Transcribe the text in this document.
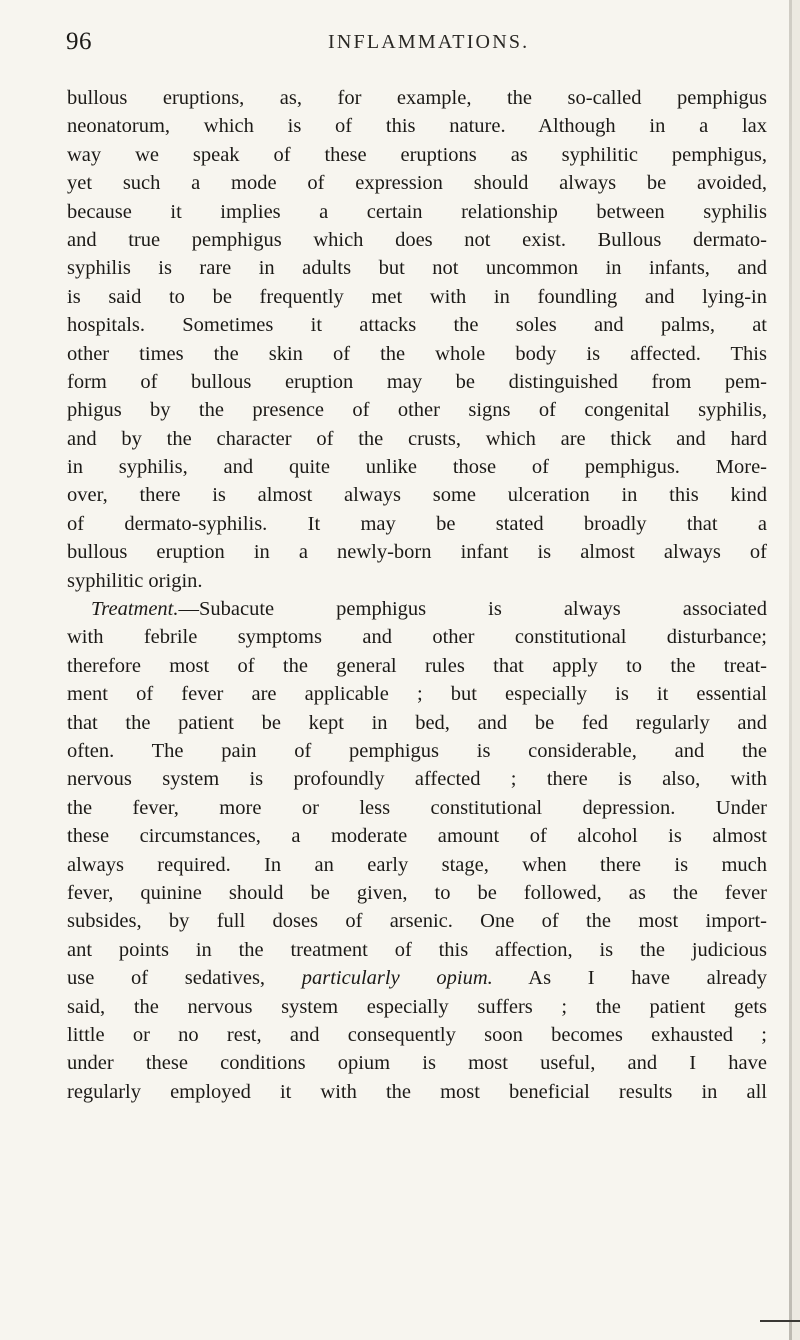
96	INFLAMMATIONS.
bullous eruptions, as, for example, the so-called pemphigus
neonatorum, which is of this nature. Although in a lax
way we speak of these eruptions as syphilitic pemphigus,
yet such a mode of expression should always be avoided,
because it implies a certain relationship between syphilis
and true pemphigus which does not exist. Bullous dermato-
syphilis is rare in adults but not uncommon in infants, and
is said to be frequently met with in foundling and lying-in
hospitals. Sometimes it attacks the soles and palms, at
other times the skin of the whole body is affected. This
form of bullous eruption may be distinguished from pem-
phigus by the presence of other signs of congenital syphilis,
and by the character of the crusts, which are thick and hard
in syphilis, and quite unlike those of pemphigus. More-
over, there is almost always some ulceration in this kind
of dermato-syphilis. It may be stated broadly that a
bullous eruption in a newly-born infant is almost always of
syphilitic origin.
Treatment.—Subacute pemphigus is always associated
with febrile symptoms and other constitutional disturbance;
therefore most of the general rules that apply to the treat-
ment of fever are applicable ; but especially is it essential
that the patient be kept in bed, and be fed regularly and
often. The pain of pemphigus is considerable, and the
nervous system is profoundly affected ; there is also, with
the fever, more or less constitutional depression. Under
these circumstances, a moderate amount of alcohol is almost
always required. In an early stage, when there is much
fever, quinine should be given, to be followed, as the fever
subsides, by full doses of arsenic. One of the most import-
ant points in the treatment of this affection, is the judicious
use of sedatives, particularly opium. As I have already
said, the nervous system especially suffers ; the patient gets
little or no rest, and consequently soon becomes exhausted ;
under these conditions opium is most useful, and I have
regularly employed it with the most beneficial results in all
